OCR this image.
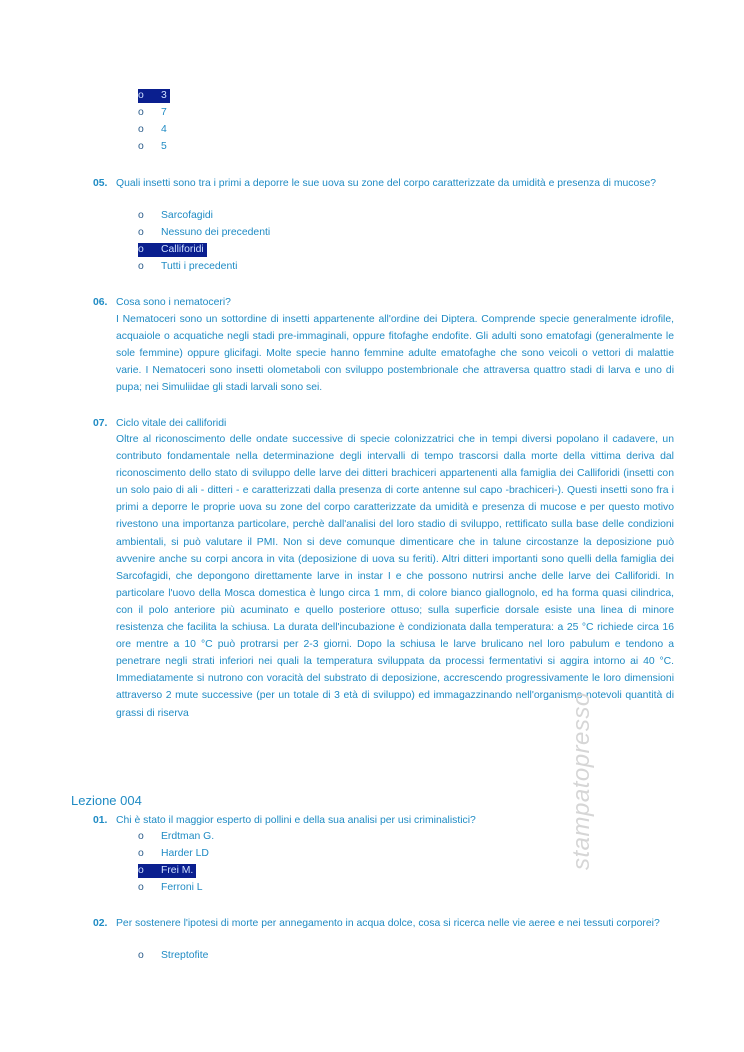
o 3
o 7
o 4
o 5
05. Quali insetti sono tra i primi a deporre le sue uova su zone del corpo caratterizzate da umidità e presenza di mucose?
o Sarcofagidi
o Nessuno dei precedenti
o Calliforidi
o Tutti i precedenti
06. Cosa sono i nematoceri?
I Nematoceri sono un sottordine di insetti appartenente all'ordine dei Diptera. Comprende specie generalmente idrofile, acquaiole o acquatiche negli stadi pre-immaginali, oppure fitofaghe endofite. Gli adulti sono ematofagi (generalmente le sole femmine) oppure glicifagi. Molte specie hanno femmine adulte ematofaghe che sono veicoli o vettori di malattie varie. I Nematoceri sono insetti olometaboli con sviluppo postembrionale che attraversa quattro stadi di larva e uno di pupa; nei Simuliidae gli stadi larvali sono sei.
07. Ciclo vitale dei calliforidi
Oltre al riconoscimento delle ondate successive di specie colonizzatrici che in tempi diversi popolano il cadavere, un contributo fondamentale nella determinazione degli intervalli di tempo trascorsi dalla morte della vittima deriva dal riconoscimento dello stato di sviluppo delle larve dei ditteri brachiceri appartenenti alla famiglia dei Calliforidi (insetti con un solo paio di ali - ditteri - e caratterizzati dalla presenza di corte antenne sul capo -brachiceri-). Questi insetti sono fra i primi a deporre le proprie uova su zone del corpo caratterizzate da umidità e presenza di mucose e per questo motivo rivestono una importanza particolare, perchè dall'analisi del loro stadio di sviluppo, rettificato sulla base delle condizioni ambientali, si può valutare il PMI. Non si deve comunque dimenticare che in talune circostanze la deposizione può avvenire anche su corpi ancora in vita (deposizione di uova su feriti). Altri ditteri importanti sono quelli della famiglia dei Sarcofagidi, che depongono direttamente larve in instar I e che possono nutrirsi anche delle larve dei Calliforidi. In particolare l'uovo della Mosca domestica è lungo circa 1 mm, di colore bianco giallognolo, ed ha forma quasi cilindrica, con il polo anteriore più acuminato e quello posteriore ottuso; sulla superficie dorsale esiste una linea di minore resistenza che facilita la schiusa. La durata dell'incubazione è condizionata dalla temperatura: a 25 °C richiede circa 16 ore mentre a 10 °C può protrarsi per 2-3 giorni. Dopo la schiusa le larve brulicano nel loro pabulum e tendono a penetrare negli strati inferiori nei quali la temperatura sviluppata da processi fermentativi si aggira intorno ai 40 °C. Immediatamente si nutrono con voracità del substrato di deposizione, accrescendo progressivamente le loro dimensioni attraverso 2 mute successive (per un totale di 3 età di sviluppo) ed immagazzinando nell'organismo notevoli quantità di grassi di riserva
Lezione 004
01. Chi è stato il maggior esperto di pollini e della sua analisi per usi criminalistici?
o Erdtman G.
o Harder LD
o Frei M.
o Ferroni L
02. Per sostenere l'ipotesi di morte per annegamento in acqua dolce, cosa si ricerca nelle vie aeree e nei tessuti corporei?
o Streptofite
stampatopresso
